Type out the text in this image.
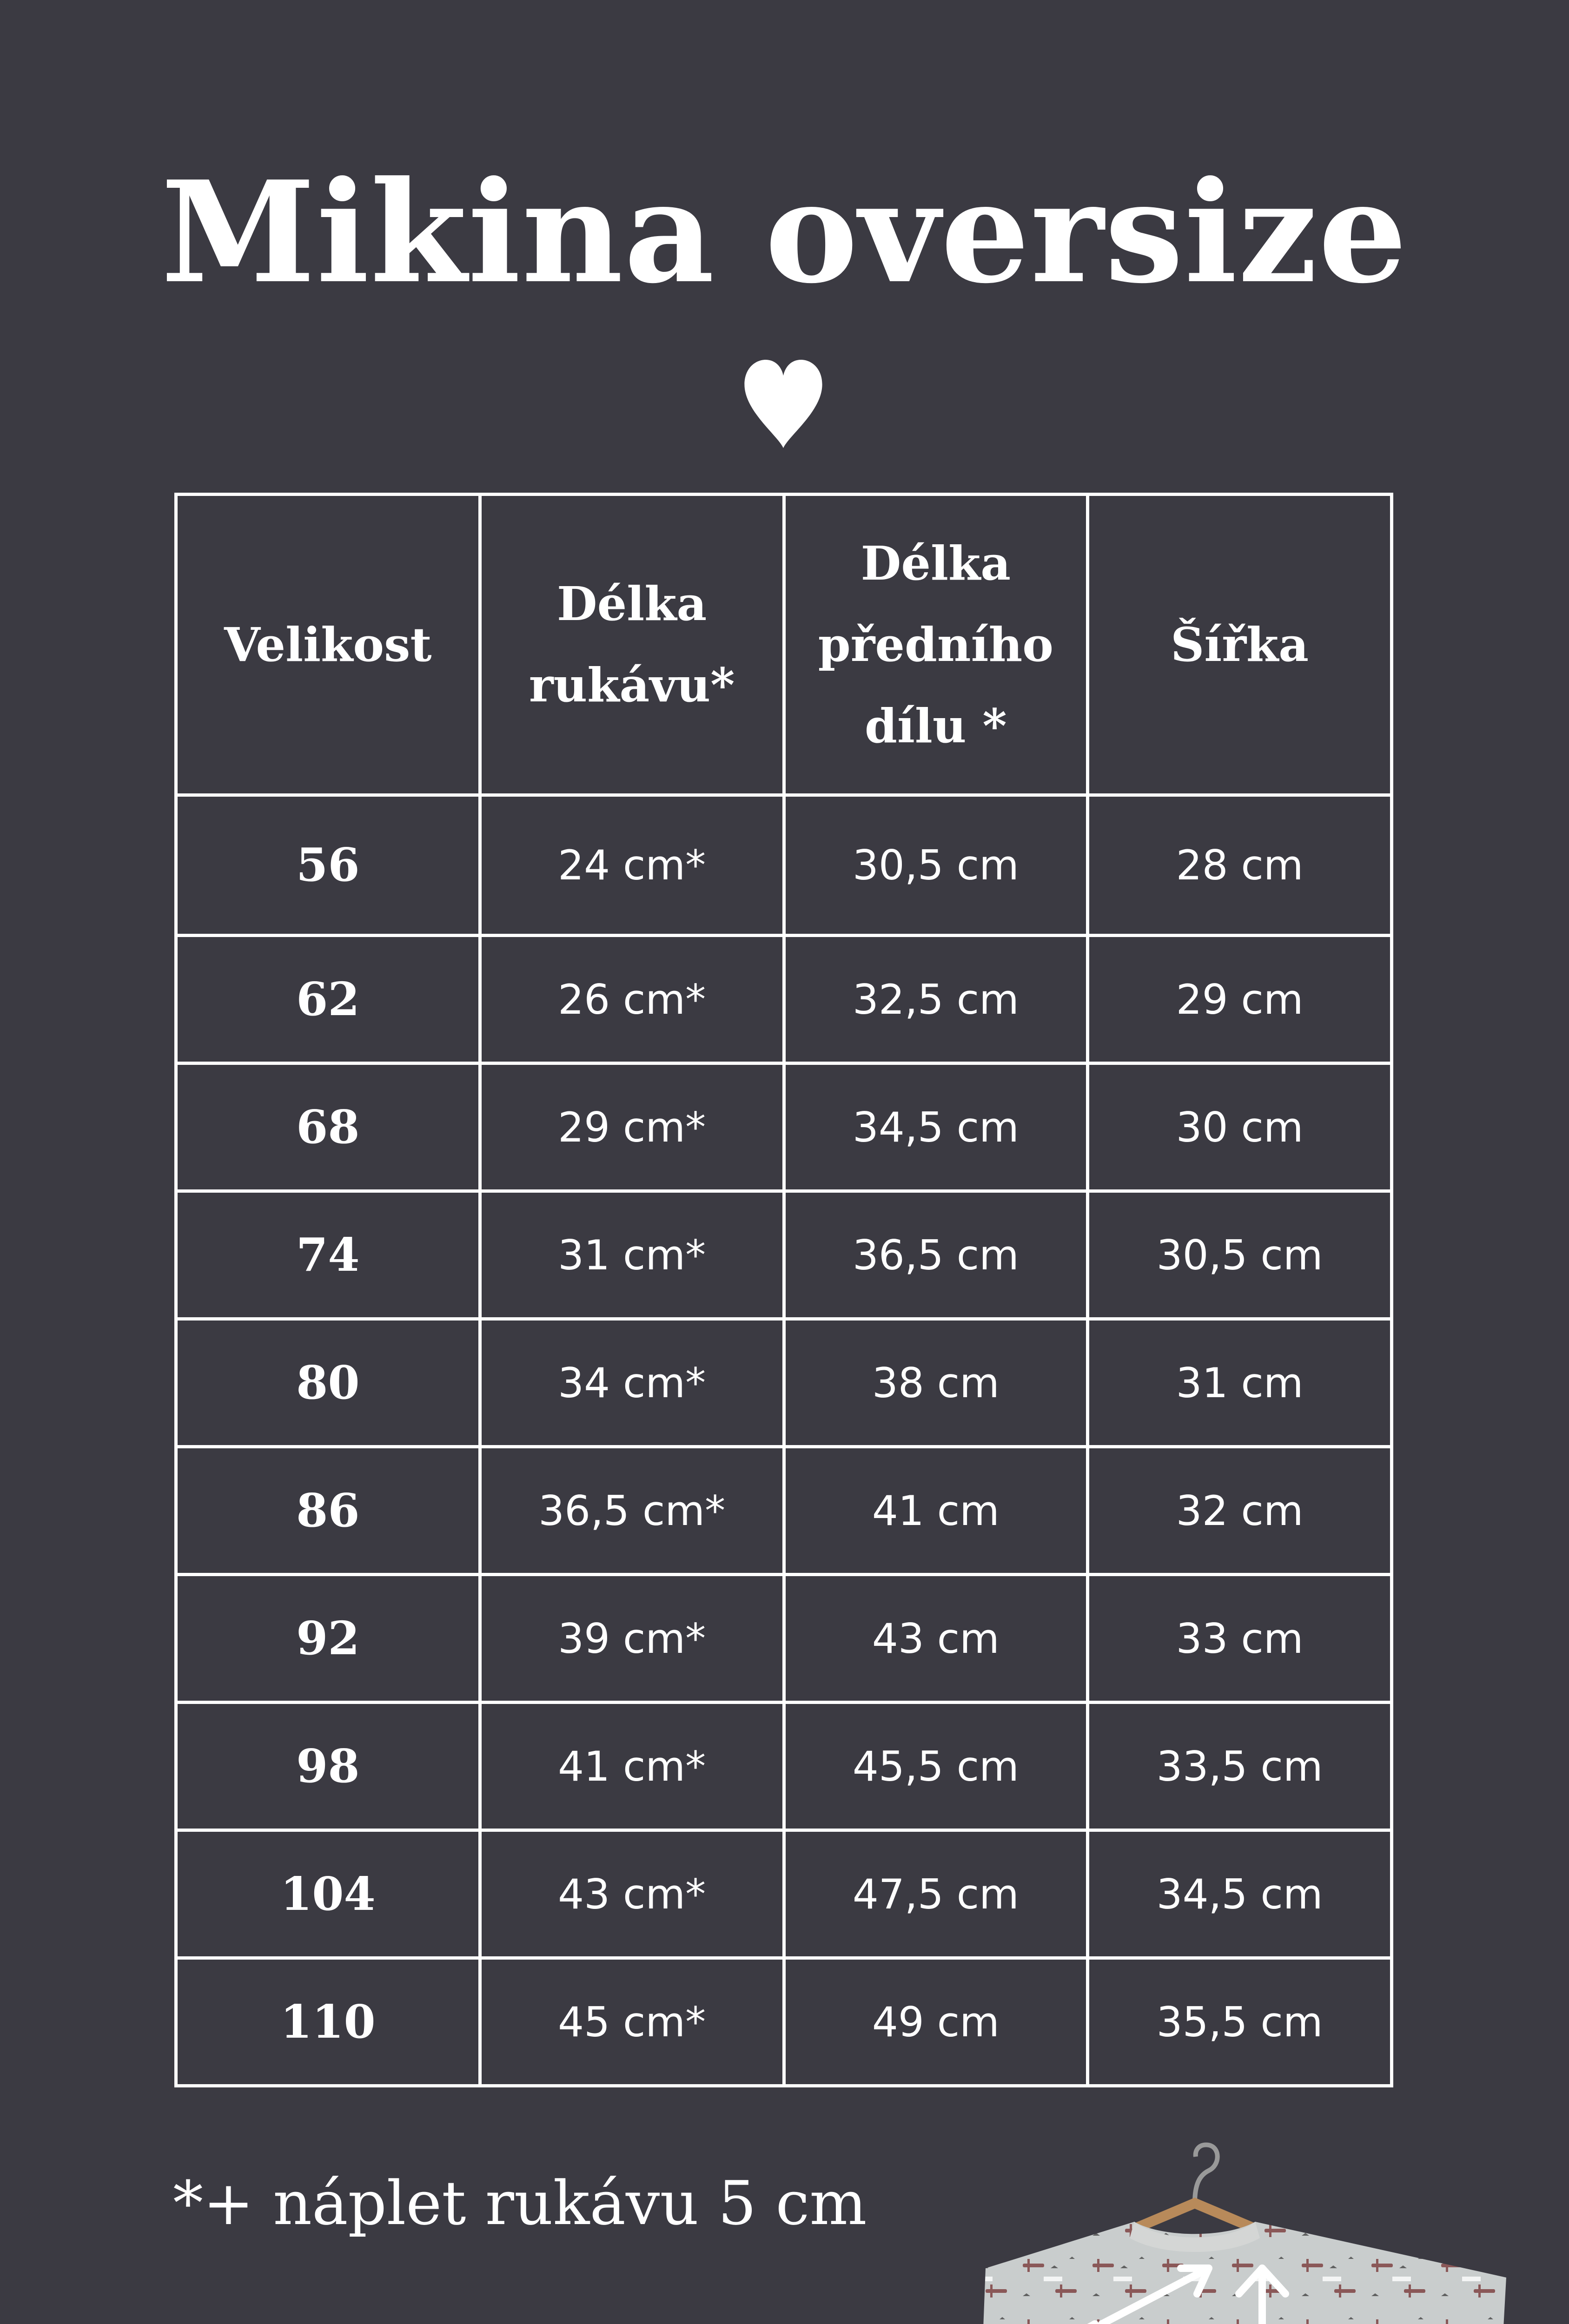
Mikina oversize
Velikost	Délka rukávu*	Délka předního dílu *	Šířka
56	24 cm*	30,5 cm	28 cm
62	26 cm*	32,5 cm	29 cm
68	29 cm*	34,5 cm	30 cm
74	31 cm*	36,5 cm	30,5 cm
80	34 cm*	38 cm	31 cm
86	36,5 cm*	41 cm	32 cm
92	39 cm*	43 cm	33 cm
98	41 cm*	45,5 cm	33,5 cm
104	43 cm*	47,5 cm	34,5 cm
110	45 cm*	49 cm	35,5 cm
*+ náplet rukávu 5 cm
